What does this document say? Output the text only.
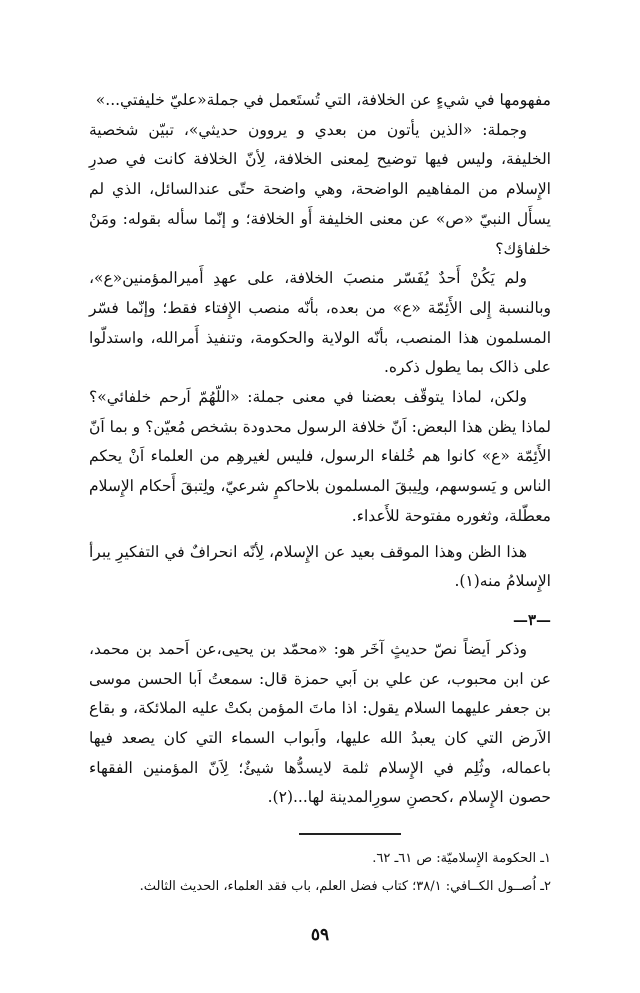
مفهومها في شيءٍ عن الخلافة، التي تُستَعمل في جملة«عليّ خليفتي...»

وجملة: «الذين يأتون من بعدي و يروون حديثي»، تبيّن شخصية الخليفة، وليس فيها توضيح لِمعنى الخلافة، لِأنّ الخلافة كانت في صدرِ الإِسلام من المفاهيم الواضحة، وهي واضحة حتّى عندالسائل، الذي لم يسأَل النبيّ «ص» عن معنى الخليفة أَو الخلافة؛ و إنّما سأله بقوله: ومَنْ خلفاؤك؟

ولم يَكُنْ أَحدٌ يُفَسّر منصبَ الخلافة، على عهدِ أَميرالمؤمنين«ع»، وبالنسبة إِلى الأَئِمّة «ع» من بعده، بأنّه منصب الإِفتاء فقط؛ وإنّما فسّر المسلمون هذا المنصب، بأنّه الولاية والحكومة، وتنفيذ أَمرالله، واستدلّوا على ذالک بما يطول ذكره.

ولكن، لماذا يتوقّف بعضنا في معنى جملة: «اللّهُمّ اَرحم خلفائي»؟ لماذا يظن هذا البعض: اَنّ خلافة الرسول محدودة بشخص مُعيّن؟ و بما اَنّ الأَئِمّة «ع» كانوا هم خُلفاء الرسول، فليس لغيرهِم من العلماء اَنْ يحكم الناس و يَسوسهم، ولِيبقَ المسلمون بلاحاكمٍ شرعيّ، ولِتبقَ أَحكام الإِسلام معطّلة، وثغوره مفتوحة للأَعداء.

هذا الظن وهذا الموقف بعيد عن الإِسلام، لِأنّه انحرافٌ في التفكيرِ يبرأ الإِسلامُ منه(١).

—٣—

وذكر اَيضاً نصّ حديثٍ آخَر هو: «محمّد بن يحيى،عن اَحمد بن محمد، عن ابن محبوب، عن علي بن اَبي حمزة قال: سمعتُ اَبا الحسن موسى بن جعفر عليهما السلام يقول: اذا ماتَ المؤمن بكتْ عليه الملائكة، و بقاع الاَرض التي كان يعبدُ الله عليها، واَبواب السماء التي كان يصعد فيها باعماله، وثُلِم في الإِسلام ثلمة لايسدُّها شيئٌ؛ لِاَنّ المؤمنين الفقهاء حصون الإِسلام ،كحصنِ سورِالمدينة لها...(٢).

١ـ الحكومة الإِسلاميّة: ص ٦١ـ ٦٢.

٢ـ اُصــول الكــافي: ٣٨/١؛ كتاب فضل العلم، باب فقد العلماء، الحديث الثالث.

٥٩
